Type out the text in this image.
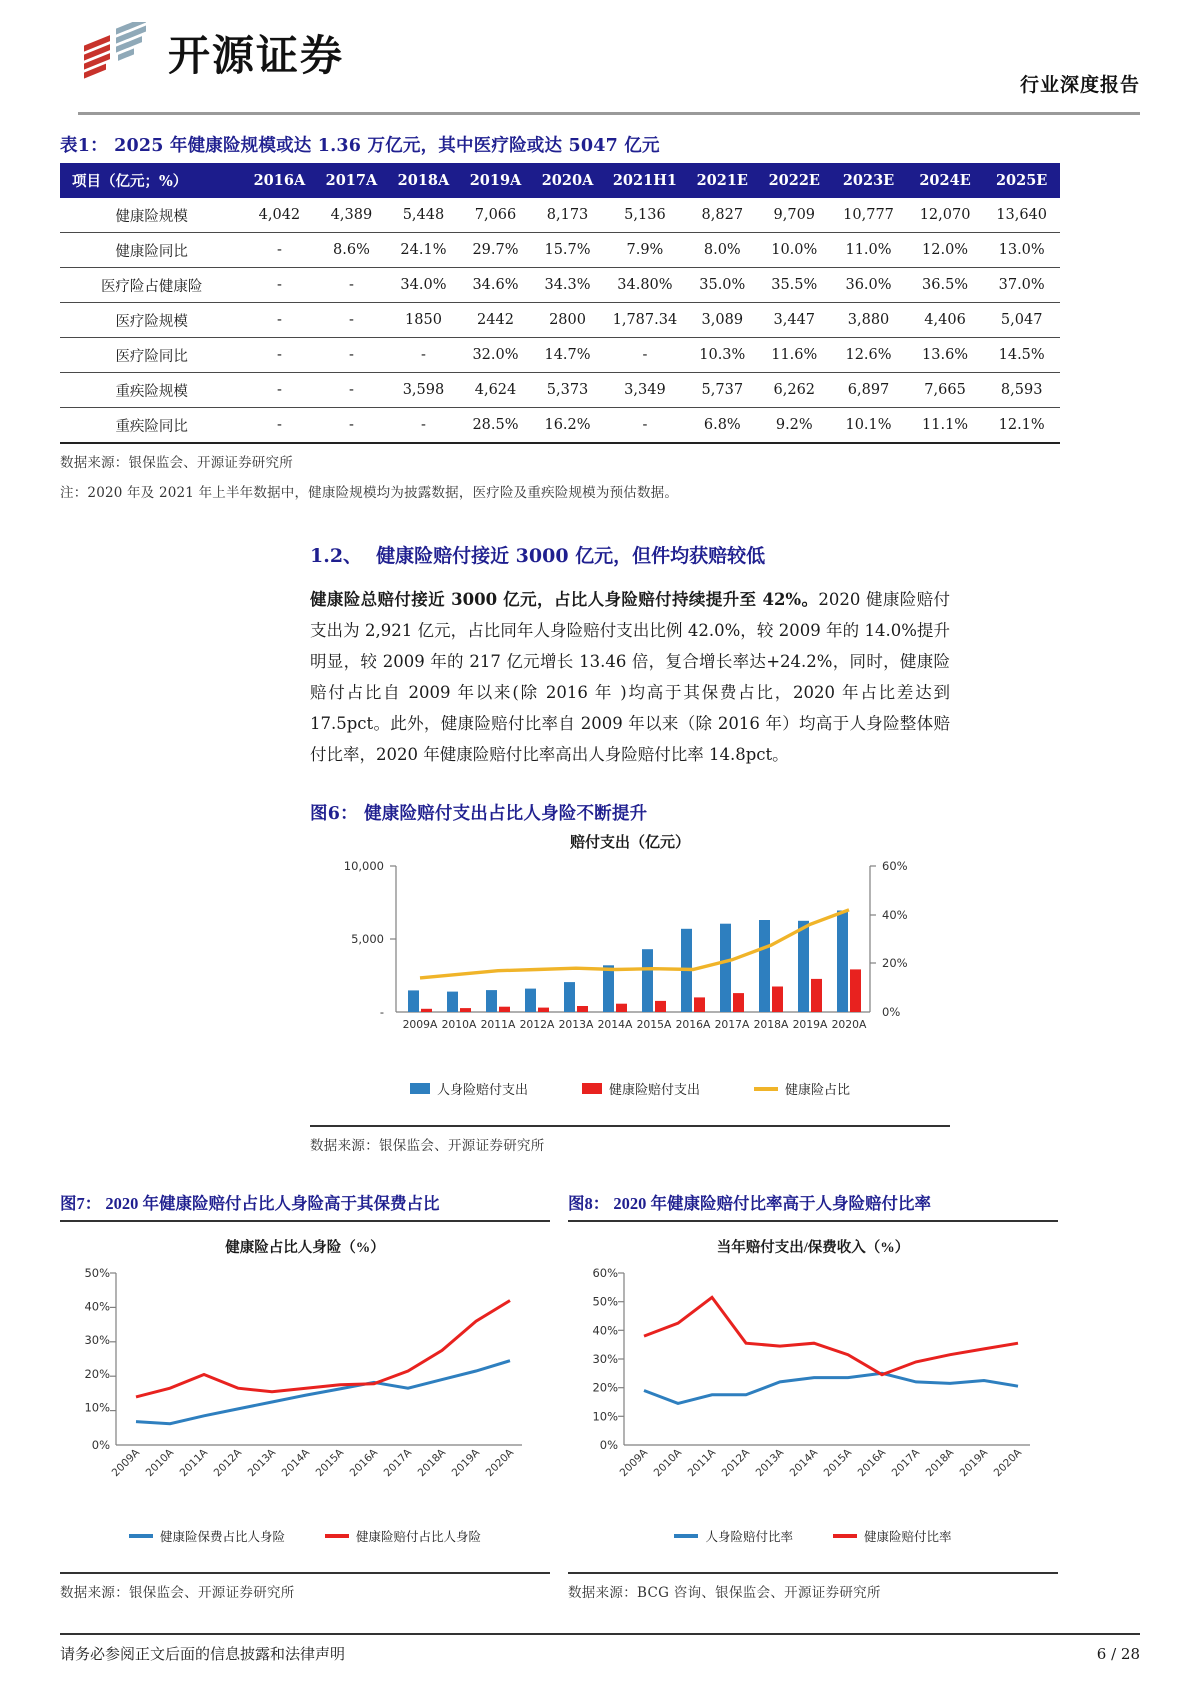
开源证券
行业深度报告
表1： 2025 年健康险规模或达 1.36 万亿元，其中医疗险或达 5047 亿元
项目（亿元；%）	2016A	2017A	2018A	2019A	2020A	2021H1	2021E	2022E	2023E	2024E	2025E
健康险规模	4,042	4,389	5,448	7,066	8,173	5,136	8,827	9,709	10,777	12,070	13,640
健康险同比	-	8.6%	24.1%	29.7%	15.7%	7.9%	8.0%	10.0%	11.0%	12.0%	13.0%
医疗险占健康险	-	-	34.0%	34.6%	34.3%	34.80%	35.0%	35.5%	36.0%	36.5%	37.0%
医疗险规模	-	-	1850	2442	2800	1,787.34	3,089	3,447	3,880	4,406	5,047
医疗险同比	-	-	-	32.0%	14.7%	-	10.3%	11.6%	12.6%	13.6%	14.5%
重疾险规模	-	-	3,598	4,624	5,373	3,349	5,737	6,262	6,897	7,665	8,593
重疾险同比	-	-	-	28.5%	16.2%	-	6.8%	9.2%	10.1%	11.1%	12.1%
数据来源：银保监会、开源证券研究所
注：2020 年及 2021 年上半年数据中，健康险规模均为披露数据，医疗险及重疾险规模为预估数据。
1.2、 健康险赔付接近 3000 亿元，但件均获赔较低

健康险总赔付接近 3000 亿元，占比人身险赔付持续提升至 42%。2020 健康险赔付支出为 2,921 亿元，占比同年人身险赔付支出比例 42.0%，较 2009 年的 14.0%提升明显，较 2009 年的 217 亿元增长 13.46 倍，复合增长率达+24.2%，同时，健康险赔付占比自 2009 年以来(除 2016 年 )均高于其保费占比，2020 年占比差达到 17.5pct。此外，健康险赔付比率自 2009 年以来（除 2016 年）均高于人身险整体赔付比率，2020 年健康险赔付比率高出人身险赔付比率 14.8pct。

图6： 健康险赔付支出占比人身险不断提升
赔付支出（亿元）
10,000
5,000
-
60%
40%
20%
0%
2009A 2010A 2011A 2012A 2013A 2014A 2015A 2016A 2017A 2018A 2019A 2020A
人身险赔付支出	健康险赔付支出	健康险占比
数据来源：银保监会、开源证券研究所
图7： 2020 年健康险赔付占比人身险高于其保费占比
健康险占比人身险（%）
50%
40%
30%
20%
10%
0%
2009A 2010A 2011A 2012A 2013A 2014A 2015A 2016A 2017A 2018A 2019A 2020A
健康险保费占比人身险	健康险赔付占比人身险
数据来源：银保监会、开源证券研究所
图8： 2020 年健康险赔付比率高于人身险赔付比率
当年赔付支出/保费收入（%）
60%
50%
40%
30%
20%
10%
0%
2009A 2010A 2011A 2012A 2013A 2014A 2015A 2016A 2017A 2018A 2019A 2020A
人身险赔付比率	健康险赔付比率
数据来源：BCG 咨询、银保监会、开源证券研究所
请务必参阅正文后面的信息披露和法律声明	6 / 28
